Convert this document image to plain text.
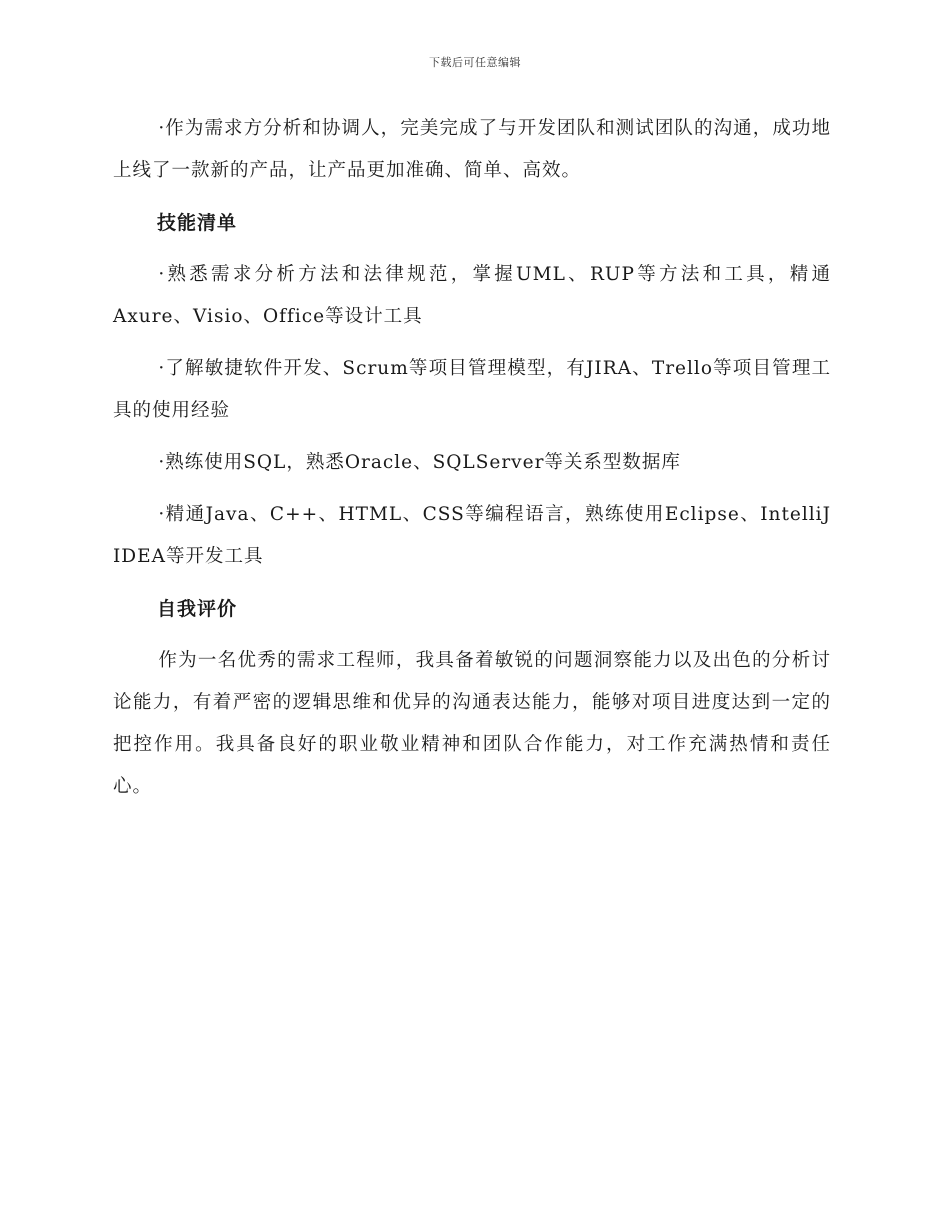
下载后可任意编辑

·作为需求方分析和协调人，完美完成了与开发团队和测试团队的沟通，成功地上线了一款新的产品，让产品更加准确、简单、高效。

技能清单

·熟悉需求分析方法和法律规范，掌握UML、RUP等方法和工具，精通Axure、Visio、Office等设计工具

·了解敏捷软件开发、Scrum等项目管理模型，有JIRA、Trello等项目管理工具的使用经验

·熟练使用SQL，熟悉Oracle、SQLServer等关系型数据库

·精通Java、C++、HTML、CSS等编程语言，熟练使用Eclipse、IntelliJ IDEA等开发工具

自我评价

作为一名优秀的需求工程师，我具备着敏锐的问题洞察能力以及出色的分析讨论能力，有着严密的逻辑思维和优异的沟通表达能力，能够对项目进度达到一定的把控作用。我具备良好的职业敬业精神和团队合作能力，对工作充满热情和责任心。
